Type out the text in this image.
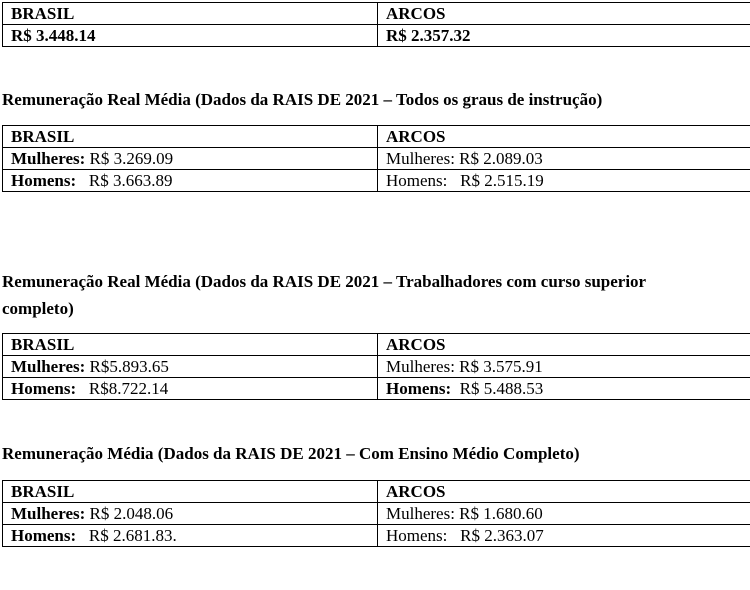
BRASIL	ARCOS
R$ 3.448.14	R$ 2.357.32

Remuneração Real Média (Dados da RAIS DE 2021 – Todos os graus de instrução)

BRASIL	ARCOS
Mulheres: R$ 3.269.09	Mulheres: R$ 2.089.03
Homens:   R$ 3.663.89	Homens:   R$ 2.515.19
Remuneração Real Média (Dados da RAIS DE 2021 – Trabalhadores com curso superior
completo)
BRASIL	ARCOS
Mulheres: R$5.893.65	Mulheres: R$ 3.575.91
Homens:   R$8.722.14	Homens:  R$ 5.488.53

Remuneração Média (Dados da RAIS DE 2021 – Com Ensino Médio Completo)

BRASIL	ARCOS
Mulheres: R$ 2.048.06	Mulheres: R$ 1.680.60
Homens:   R$ 2.681.83.	Homens:   R$ 2.363.07
